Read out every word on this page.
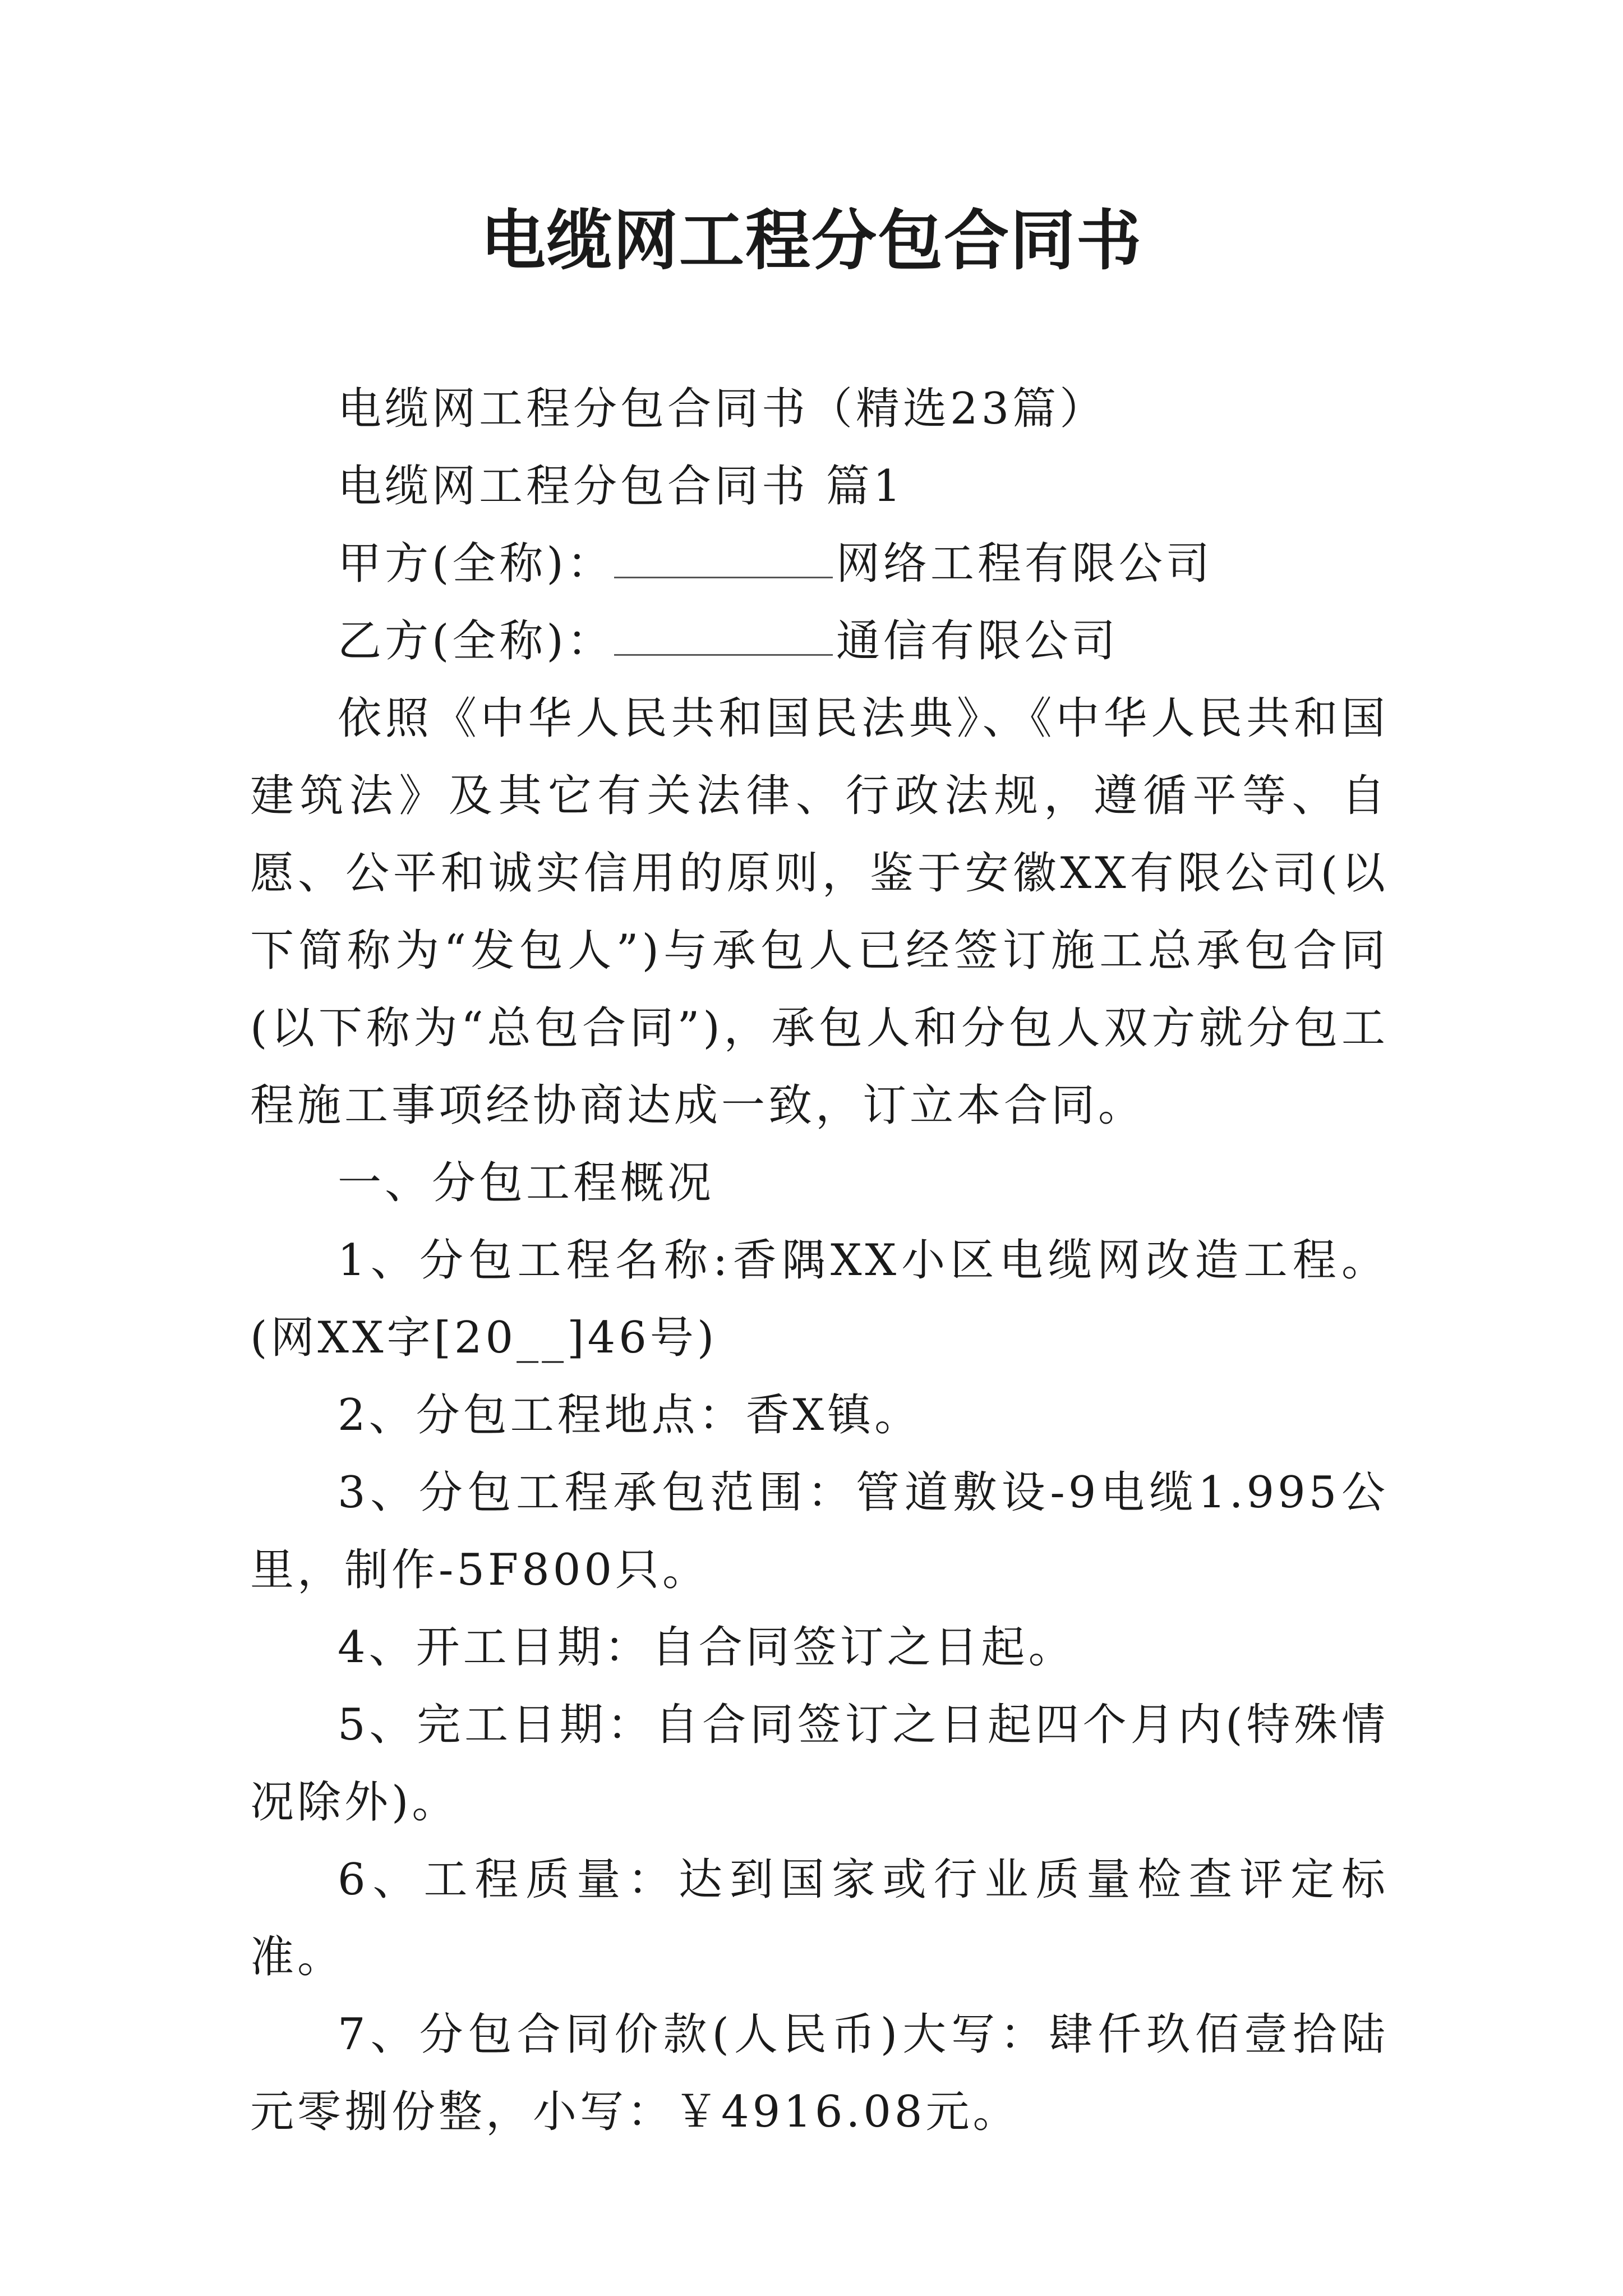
电缆网工程分包合同书

电缆网工程分包合同书（精选23篇）

电缆网工程分包合同书 篇1

甲方(全称)：	网络工程有限公司

乙方(全称)：	通信有限公司

依照《中华人民共和国民法典》、《中华人民共和国建筑法》及其它有关法律、行政法规，遵循平等、自愿、公平和诚实信用的原则，鉴于安徽XX有限公司(以下简称为“发包人”)与承包人已经签订施工总承包合同(以下称为“总包合同”)，承包人和分包人双方就分包工程施工事项经协商达成一致，订立本合同。

一、分包工程概况

1、分包工程名称:香隅XX小区电缆网改造工程。(网XX字[20__]46号)

2、分包工程地点：香X镇。

3、分包工程承包范围：管道敷设-9电缆1.995公里，制作-5F800只。

4、开工日期：自合同签订之日起。

5、完工日期：自合同签订之日起四个月内(特殊情况除外)。

6、工程质量：达到国家或行业质量检查评定标准。

7、分包合同价款(人民币)大写：肆仟玖佰壹拾陆元零捌份整，小写：￥4916.08元。
